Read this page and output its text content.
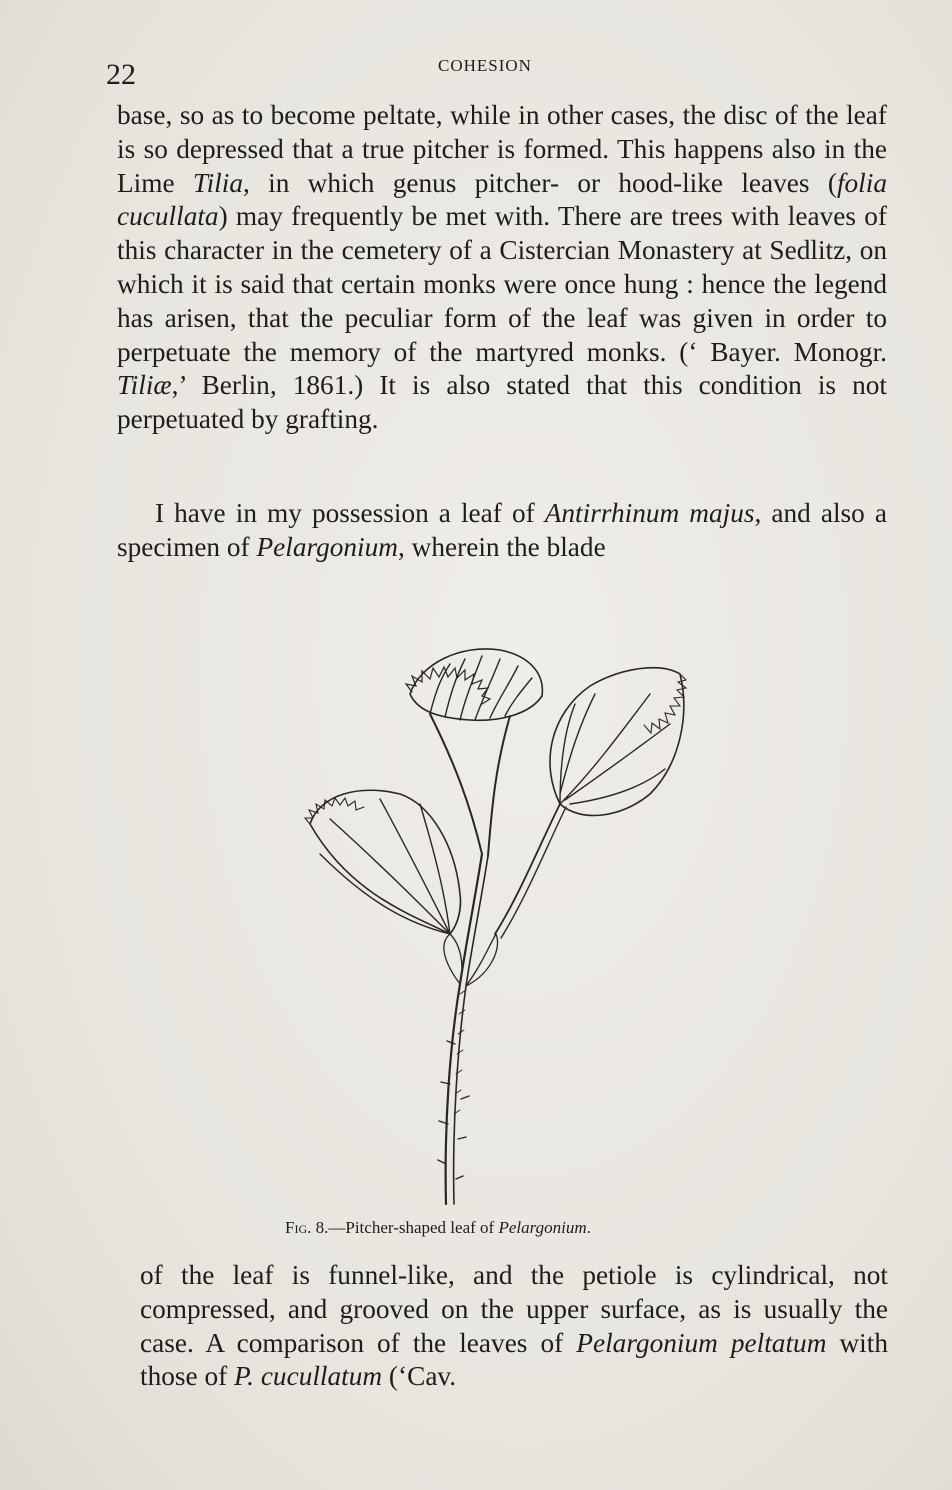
22	COHESION
base, so as to become peltate, while in other cases, the disc of the leaf is so depressed that a true pitcher is formed. This happens also in the Lime Tilia, in which genus pitcher- or hood-like leaves (folia cucullata) may frequently be met with. There are trees with leaves of this character in the cemetery of a Cistercian Monastery at Sedlitz, on which it is said that certain monks were once hung : hence the legend has arisen, that the peculiar form of the leaf was given in order to perpetuate the memory of the martyred monks. (‘ Bayer. Monogr. Tiliæ,’ Berlin, 1861.) It is also stated that this condition is not perpetuated by grafting.
I have in my possession a leaf of Antirrhinum majus, and also a specimen of Pelargonium, wherein the blade
Fig. 8.—Pitcher-shaped leaf of Pelargonium.
of the leaf is funnel-like, and the petiole is cylindrical, not compressed, and grooved on the upper surface, as is usually the case. A comparison of the leaves of Pelargonium peltatum with those of P. cucullatum (‘Cav.
